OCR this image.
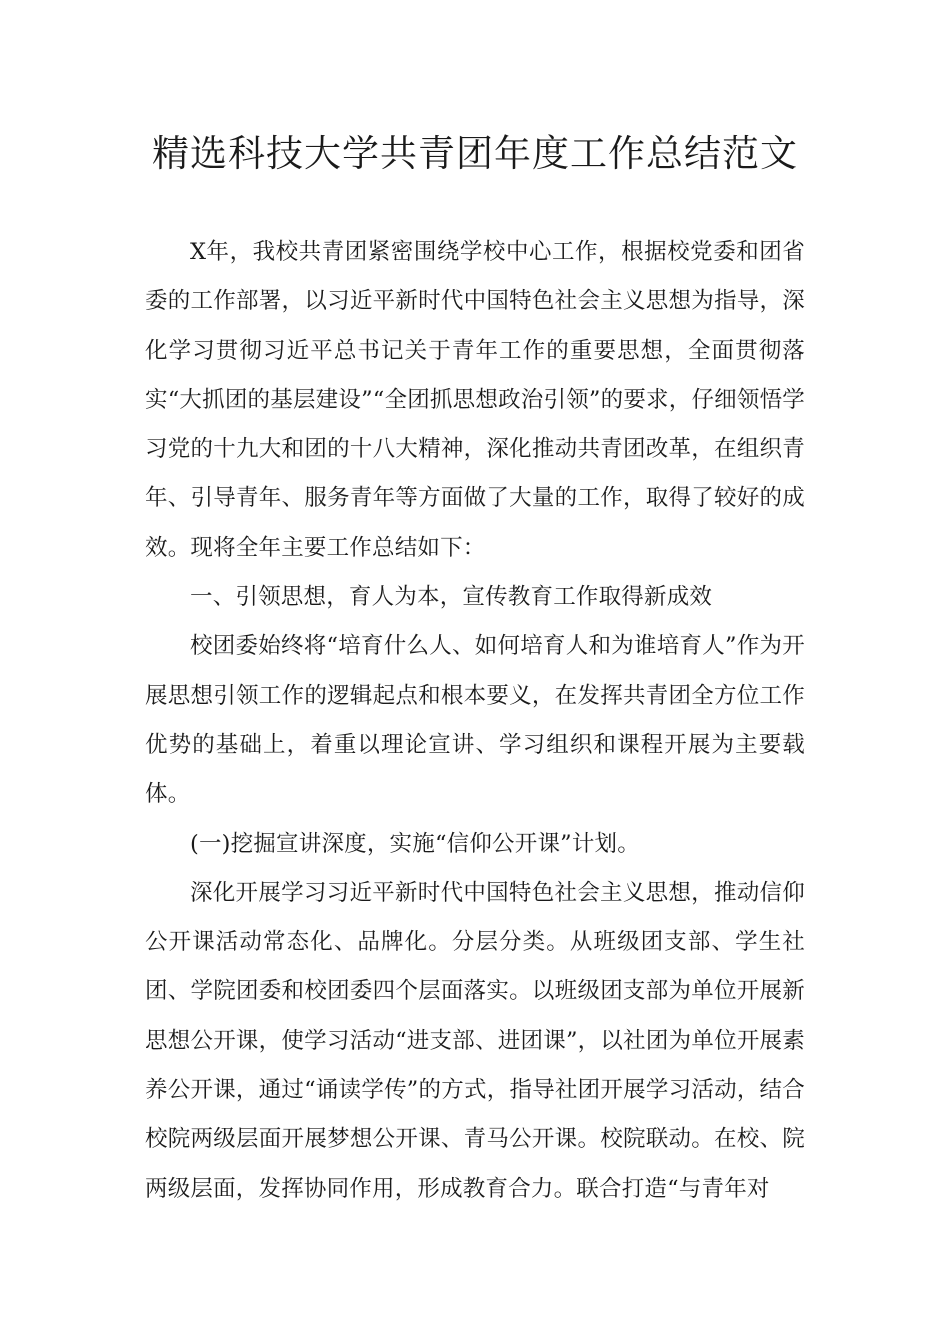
精选科技大学共青团年度工作总结范文

X年，我校共青团紧密围绕学校中心工作，根据校党委和团省委的工作部署，以习近平新时代中国特色社会主义思想为指导，深化学习贯彻习近平总书记关于青年工作的重要思想，全面贯彻落实“大抓团的基层建设”“全团抓思想政治引领”的要求，仔细领悟学习党的十九大和团的十八大精神，深化推动共青团改革，在组织青年、引导青年、服务青年等方面做了大量的工作，取得了较好的成效。现将全年主要工作总结如下：

一、引领思想，育人为本，宣传教育工作取得新成效

校团委始终将“培育什么人、如何培育人和为谁培育人”作为开展思想引领工作的逻辑起点和根本要义，在发挥共青团全方位工作优势的基础上，着重以理论宣讲、学习组织和课程开展为主要载体。

(一)挖掘宣讲深度，实施“信仰公开课”计划。

深化开展学习习近平新时代中国特色社会主义思想，推动信仰公开课活动常态化、品牌化。分层分类。从班级团支部、学生社团、学院团委和校团委四个层面落实。以班级团支部为单位开展新思想公开课，使学习活动“进支部、进团课”，以社团为单位开展素养公开课，通过“诵读学传”的方式，指导社团开展学习活动，结合校院两级层面开展梦想公开课、青马公开课。校院联动。在校、院两级层面，发挥协同作用，形成教育合力。联合打造“与青年对
